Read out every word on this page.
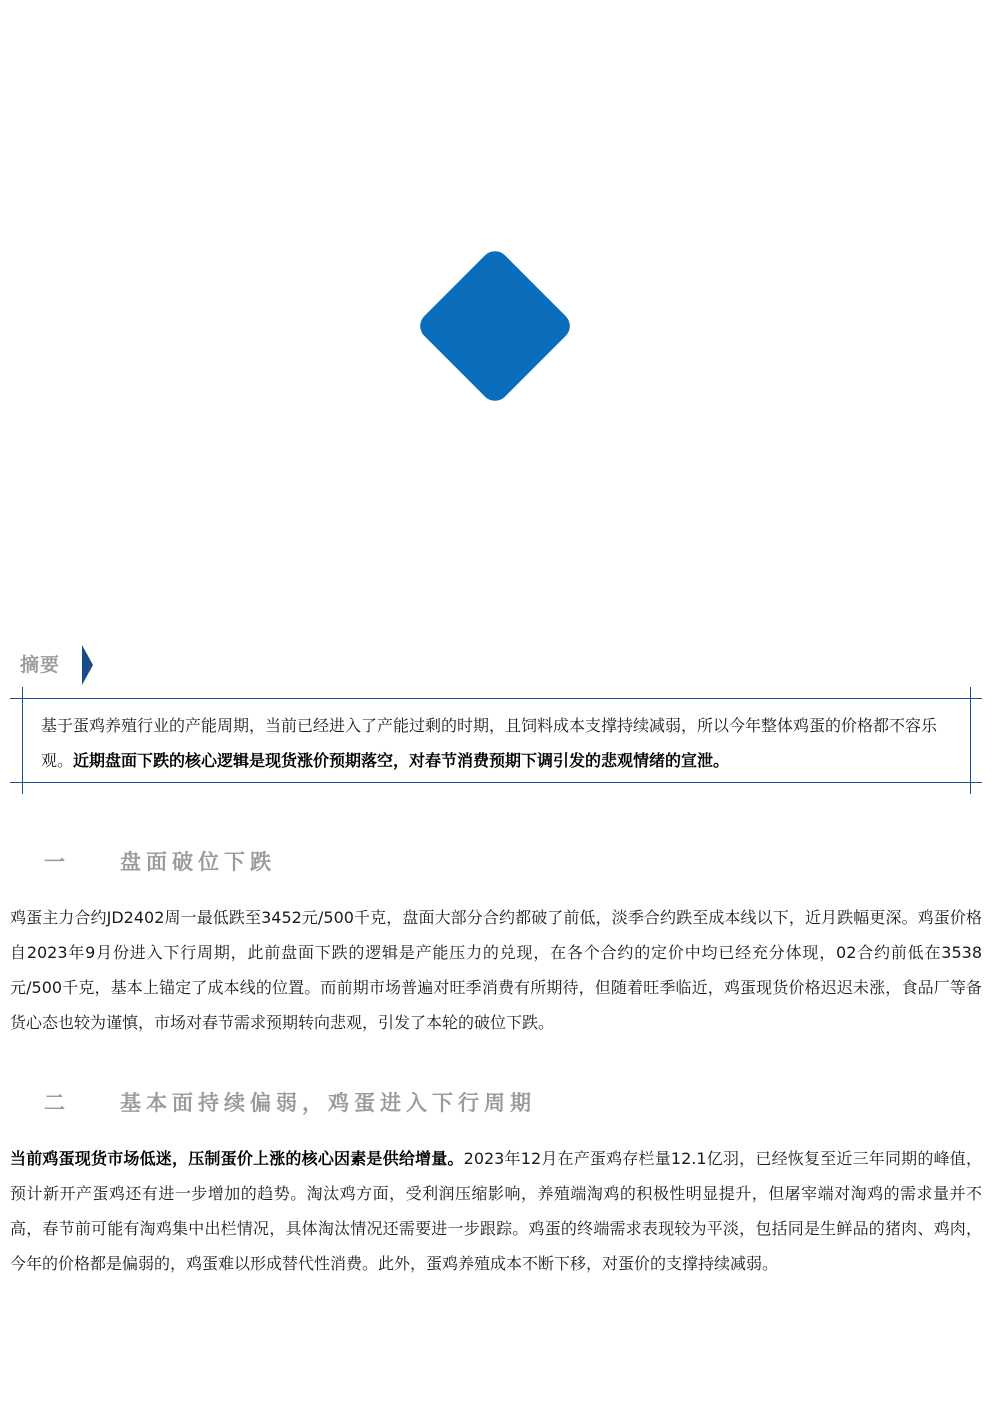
摘要
基于蛋鸡养殖行业的产能周期，当前已经进入了产能过剩的时期，且饲料成本支撑持续减弱，所以今年整体鸡蛋的价格都不容乐观。近期盘面下跌的核心逻辑是现货涨价预期落空，对春节消费预期下调引发的悲观情绪的宣泄。
一	盘面破位下跌
鸡蛋主力合约JD2402周一最低跌至3452元/500千克，盘面大部分合约都破了前低，淡季合约跌至成本线以下，近月跌幅更深。鸡蛋价格自2023年9月份进入下行周期，此前盘面下跌的逻辑是产能压力的兑现，在各个合约的定价中均已经充分体现，02合约前低在3538元/500千克，基本上锚定了成本线的位置。而前期市场普遍对旺季消费有所期待，但随着旺季临近，鸡蛋现货价格迟迟未涨，食品厂等备货心态也较为谨慎，市场对春节需求预期转向悲观，引发了本轮的破位下跌。
二	基本面持续偏弱，鸡蛋进入下行周期
当前鸡蛋现货市场低迷，压制蛋价上涨的核心因素是供给增量。2023年12月在产蛋鸡存栏量12.1亿羽，已经恢复至近三年同期的峰值，预计新开产蛋鸡还有进一步增加的趋势。淘汰鸡方面，受利润压缩影响，养殖端淘鸡的积极性明显提升，但屠宰端对淘鸡的需求量并不高，春节前可能有淘鸡集中出栏情况，具体淘汰情况还需要进一步跟踪。鸡蛋的终端需求表现较为平淡，包括同是生鲜品的猪肉、鸡肉，今年的价格都是偏弱的，鸡蛋难以形成替代性消费。此外，蛋鸡养殖成本不断下移，对蛋价的支撑持续减弱。
